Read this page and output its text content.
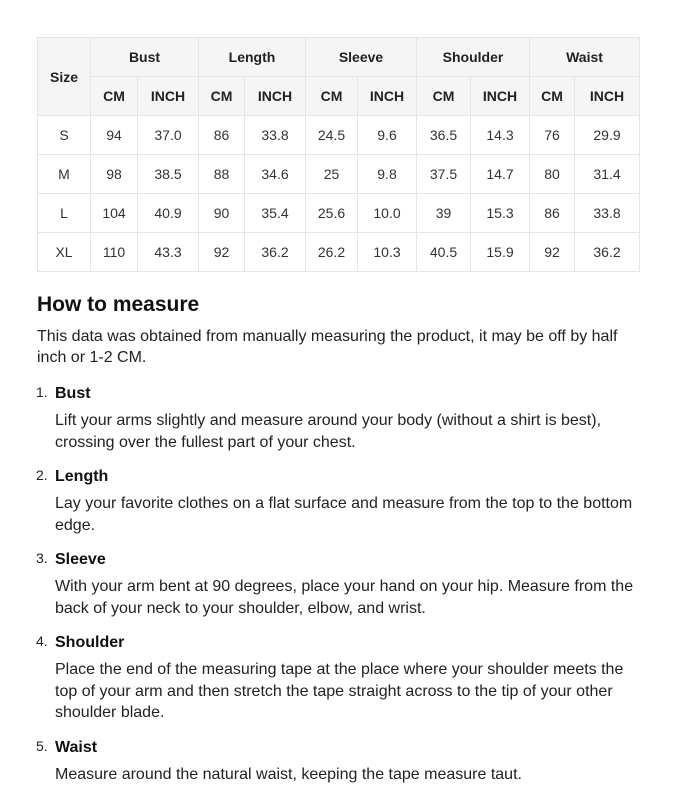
Size	Bust		Length		Sleeve		Shoulder		Waist	
	CM	INCH	CM	INCH	CM	INCH	CM	INCH	CM	INCH
S	94	37.0	86	33.8	24.5	9.6	36.5	14.3	76	29.9
M	98	38.5	88	34.6	25	9.8	37.5	14.7	80	31.4
L	104	40.9	90	35.4	25.6	10.0	39	15.3	86	33.8
XL	110	43.3	92	36.2	26.2	10.3	40.5	15.9	92	36.2
How to measure

This data was obtained from manually measuring the product, it may be off by half inch or 1-2 CM.

1. Bust
Lift your arms slightly and measure around your body (without a shirt is best), crossing over the fullest part of your chest.
2. Length
Lay your favorite clothes on a flat surface and measure from the top to the bottom edge.
3. Sleeve
With your arm bent at 90 degrees, place your hand on your hip. Measure from the back of your neck to your shoulder, elbow, and wrist.
4. Shoulder
Place the end of the measuring tape at the place where your shoulder meets the top of your arm and then stretch the tape straight across to the tip of your other shoulder blade.
5. Waist
Measure around the natural waist, keeping the tape measure taut.
